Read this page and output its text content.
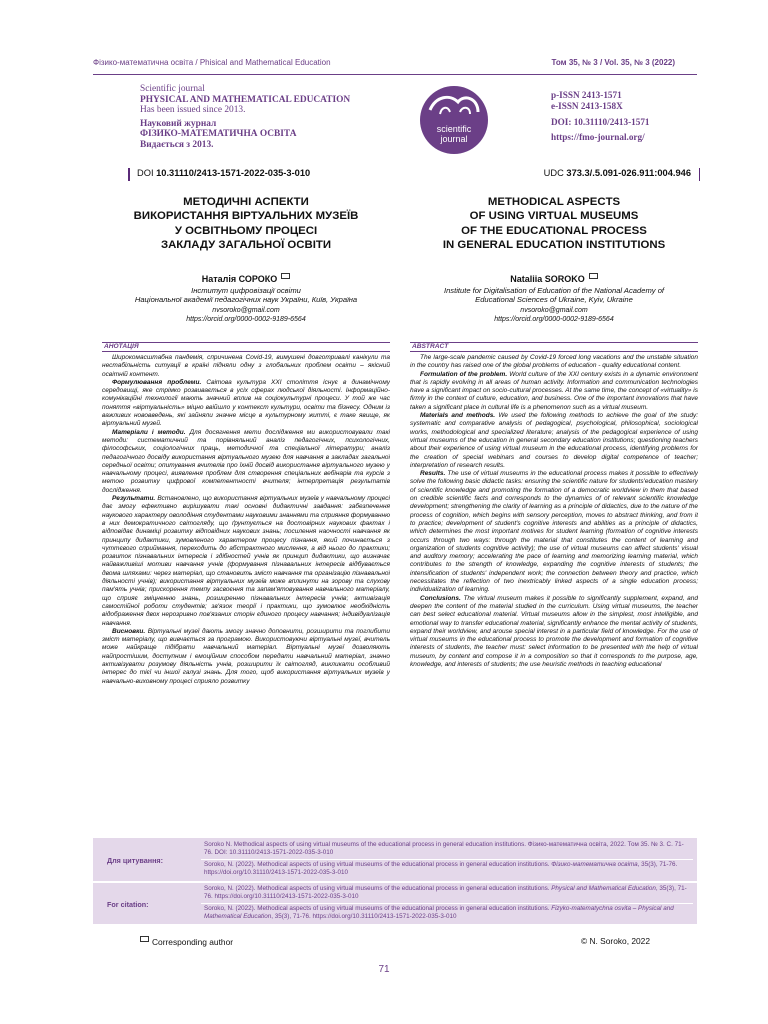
Фізико-математична освіта / Phisical and Mathematical Education	Том 35, № 3 / Vol. 35, № 3 (2022)
Scientific journal
PHYSICAL AND MATHEMATICAL EDUCATION
Has been issued since 2013.
Науковий журнал
ФІЗИКО-МАТЕМАТИЧНА ОСВІТА
Видається з 2013.
scientific
journal
p-ISSN 2413-1571
e-ISSN 2413-158X
DOI: 10.31110/2413-1571
https://fmo-journal.org/
DOI 10.31110/2413-1571-2022-035-3-010	UDC 373.3/.5.091-026.911:004.946
МЕТОДИЧНІ АСПЕКТИ
ВИКОРИСТАННЯ ВІРТУАЛЬНИХ МУЗЕЇВ
У ОСВІТНЬОМУ ПРОЦЕСІ
ЗАКЛАДУ ЗАГАЛЬНОЇ ОСВІТИ
Наталія СОРОКО
Інститут цифровізації освіти
Національної академії педагогічних наук України, Київ, Україна
nvsoroko@gmail.com
https://orcid.org/0000-0002-9189-6564
METHODICAL ASPECTS
OF USING VIRTUAL MUSEUMS
OF THE EDUCATIONAL PROCESS
IN GENERAL EDUCATION INSTITUTIONS
Nataliia SOROKO
Institute for Digitalisation of Education of the National Academy of
Educational Sciences of Ukraine, Kyiv, Ukraine
nvsoroko@gmail.com
https://orcid.org/0000-0002-9189-6564
АНОТАЦІЯ	ABSTRACT

Широкомасштабна пандемія, спричинена Covid-19, вимушені довготривалі канікули та нестабільність ситуації в країні підняли одну з глобальних проблем освіти – якісний освітній контент.

Формулювання проблеми. Світова культура ХХІ століття існує в динамічному середовищі, яке стрімко розвивається в усіх сферах людської діяльності. Інформаційно-комунікаційні технології мають значний вплив на соціокультурні процеси. У той же час поняття «віртуальність» міцно ввійшло у контекст культури, освіти та бізнесу. Одним із важливих нововведень, які зайняли значне місце в культурному житті, є таке явище, як віртуальний музей.

Матеріали і методи. Для досягнення мети дослідження ми використовували такі методи: систематичний та порівняльний аналіз педагогічних, психологічних, філософських, соціологічних праць, методичної та спеціальної літератури; аналіз педагогічного досвіду використання віртуального музею для навчання в закладах загальної середньої освіти; опитування вчителів про їхній досвід використання віртуального музею у навчальному процесі, виявлення проблем для створення спеціальних вебінарів та курсів з метою розвитку цифрової компетентності вчителя; інтерпретація результатів дослідження.

Результати. Встановлено, що використання віртуальних музеїв у навчальному процесі дає змогу ефективно вирішувати такі основні дидактичні завдання: забезпечення наукового характеру оволодіння студентами науковими знаннями та сприяння формуванню в них демократичного світогляду, що ґрунтується на достовірних наукових фактах і відповідає динаміці розвитку відповідних наукових знань; посилення наочності навчання як принципу дидактики, зумовленого характером процесу пізнання, який починається з чуттєвого сприймання, переходить до абстрактного мислення, а від нього до практики; розвиток пізнавальних інтересів і здібностей учнів як принцип дидактики, що визначає найважливіші мотиви навчання учнів (формування пізнавальних інтересів відбувається двома шляхами: через матеріал, що становить зміст навчання та організацію пізнавальної діяльності учнів); використання віртуальних музеїв може вплинути на зорову та слухову пам'ять учнів; прискорення темпу засвоєння та запам'ятовування навчального матеріалу, що сприяє зміцненню знань, розширенню пізнавальних інтересів учнів; активізація самостійної роботи студентів; зв'язок теорії і практики, що зумовлює необхідність відображення двох нерозривно пов'язаних сторін єдиного процесу навчання; індивідуалізація навчання.

Висновки. Віртуальні музеї дають змогу значно доповнити, розширити та поглибити зміст матеріалу, що вивчається за програмою. Використовуючи віртуальні музеї, вчитель може найкраще підібрати навчальний матеріал. Віртуальні музеї дозволяють найпростішим, доступним і емоційним способом передати навчальний матеріал, значно активізувати розумову діяльність учнів, розширити їх світогляд, викликати особливий інтерес до тієї чи іншої галузі знань. Для того, щоб використання віртуальних музеїв у навчально-виховному процесі сприяло розвитку

The large-scale pandemic caused by Covid-19 forced long vacations and the unstable situation in the country has raised one of the global problems of education - quality educational content.

Formulation of the problem. World culture of the XXI century exists in a dynamic environment that is rapidly evolving in all areas of human activity. Information and communication technologies have a significant impact on socio-cultural processes. At the same time, the concept of «virtuality» is firmly in the context of culture, education, and business. One of the important innovations that have taken a significant place in cultural life is a phenomenon such as a virtual museum.

Materials and methods. We used the following methods to achieve the goal of the study: systematic and comparative analysis of pedagogical, psychological, philosophical, sociological works, methodological and specialized literature; analysis of the pedagogical experience of using virtual museums of the education in general secondary education institutions; questioning teachers about their experience of using virtual museum in the educational process, identifying problems for the creation of special webinars and courses to develop digital competence of teacher; interpretation of research results.

Results. The use of virtual museums in the educational process makes it possible to effectively solve the following basic didactic tasks: ensuring the scientific nature for students'education mastery of scientific knowledge and promoting the formation of a democratic worldview in them that based on credible scientific facts and corresponds to the dynamics of of relevant scientific knowledge development; strengthening the clarity of learning as a principle of didactics, due to the nature of the process of cognition, which begins with sensory perception, moves to abstract thinking, and from it to practice; development of student's cognitive interests and abilities as a principle of didactics, which determines the most important motives for student learning (formation of cognitive interests occurs through two ways: through the material that constitutes the content of learning and organization of students cognitive activity); the use of virtual museums can affect students' visual and auditory memory; accelerating the pace of learning and memorizing learning material, which contributes to the strength of knowledge, expanding the cognitive interests of students; the intensification of students' independent work; the connection between theory and practice, which necessitates the reflection of two inextricably linked aspects of a single education process; individualization of learning.

Conclusions. The virtual museum makes it possible to significantly supplement, expand, and deepen the content of the material studied in the curriculum. Using virtual museums, the teacher can best select educational material. Virtual museums allow in the simplest, most intelligible, and emotional way to transfer educational material, significantly enhance the mental activity of students, expand their worldview, and arouse special interest in a particular field of knowledge. For the use of virtual museums in the educational process to promote the development and formation of cognitive interests of students, the teacher must: select information to be presented with the help of virtual museum, by content and compose it in a composition so that it corresponds to the purpose, age, knowledge, and interests of students; the use heuristic methods in teaching educational

Для цитування:
Soroko N. Methodical aspects of using virtual museums of the educational process in general education institutions. Фізико-математична освіта, 2022. Том 35. № 3. С. 71-76. DOI: 10.31110/2413-1571-2022-035-3-010
Soroko, N. (2022). Methodical aspects of using virtual museums of the educational process in general education institutions. Фізико-математична освіта, 35(3), 71-76. https://doi.org/10.31110/2413-1571-2022-035-3-010
For citation:
Soroko, N. (2022). Methodical aspects of using virtual museums of the educational process in general education institutions. Physical and Mathematical Education, 35(3), 71-76. https://doi.org/10.31110/2413-1571-2022-035-3-010
Soroko, N. (2022). Methodical aspects of using virtual museums of the educational process in general education institutions. Fizyko-matematychna osvita – Physical and Mathematical Education, 35(3), 71-76. https://doi.org/10.31110/2413-1571-2022-035-3-010
Corresponding author	© N. Soroko, 2022
71
